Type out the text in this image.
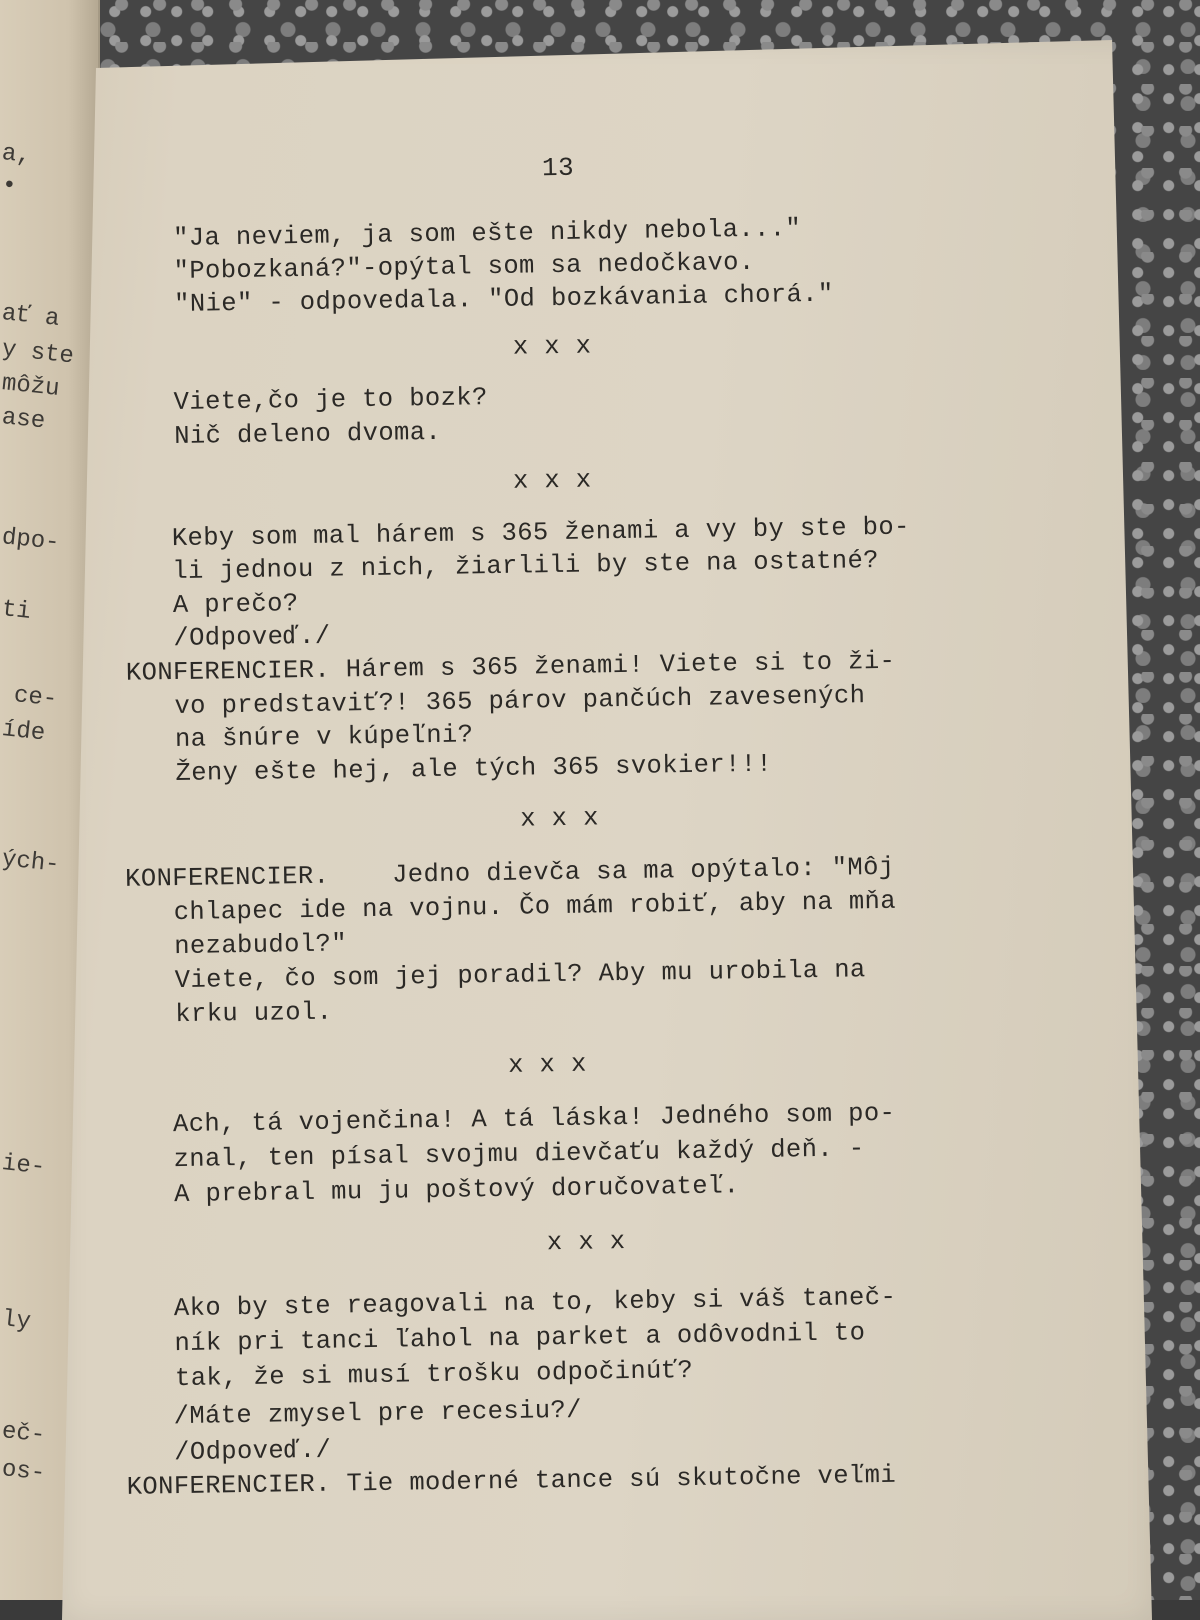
a,
•
ať a
y ste
môžu
ase
dpo-
ti
ce-
íde
ých-
ie-
ly
eč-
os-
13
"Ja neviem, ja som ešte nikdy nebola..."
"Pobozkaná?"-opýtal som sa nedočkavo.
"Nie" - odpovedala. "Od bozkávania chorá."
x x x
Viete,čo je to bozk?
Nič deleno dvoma.
x x x
Keby som mal hárem s 365 ženami a vy by ste bo-
li jednou z nich, žiarlili by ste na ostatné?
A prečo?
/Odpoveď./
KONFERENCIER. Hárem s 365 ženami! Viete si to ži-
vo predstaviť?! 365 párov pančúch zavesených
na šnúre v kúpeľni?
Ženy ešte hej, ale tých 365 svokier!!!
x x x
KONFERENCIER.    Jedno dievča sa ma opýtalo: "Môj
chlapec ide na vojnu. Čo mám robiť, aby na mňa
nezabudol?"
Viete, čo som jej poradil? Aby mu urobila na
krku uzol.
x x x
Ach, tá vojenčina! A tá láska! Jedného som po-
znal, ten písal svojmu dievčaťu každý deň. -
A prebral mu ju poštový doručovateľ.
x x x
Ako by ste reagovali na to, keby si váš taneč-
ník pri tanci ľahol na parket a odôvodnil to
tak, že si musí trošku odpočinúť?
/Máte zmysel pre recesiu?/
/Odpoveď./
KONFERENCIER. Tie moderné tance sú skutočne veľmi
